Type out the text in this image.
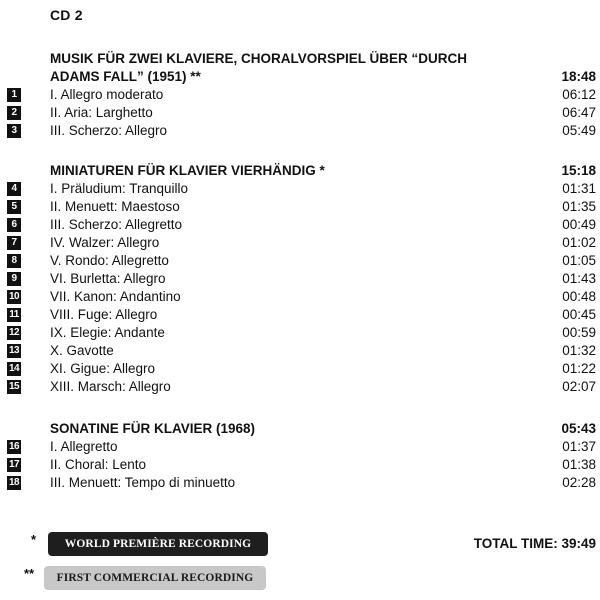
CD 2
MUSIK FÜR ZWEI KLAVIERE, CHORALVORSPIEL ÜBER “DURCH
ADAMS FALL” (1951) **	18:48
1	I. Allegro moderato	06:12
2	II. Aria: Larghetto	06:47
3	III. Scherzo: Allegro	05:49
MINIATUREN FÜR KLAVIER VIERHÄNDIG *	15:18
4	I. Präludium: Tranquillo	01:31
5	II. Menuett: Maestoso	01:35
6	III. Scherzo: Allegretto	00:49
7	IV. Walzer: Allegro	01:02
8	V. Rondo: Allegretto	01:05
9	VI. Burletta: Allegro	01:43
10 VII. Kanon: Andantino	00:48
11 VIII. Fuge: Allegro	00:45
12 IX. Elegie: Andante	00:59
13 X. Gavotte	01:32
14 XI. Gigue: Allegro	01:22
15 XIII. Marsch: Allegro	02:07
SONATINE FÜR KLAVIER (1968)	05:43
16 I. Allegretto	01:37
17 II. Choral: Lento	01:38
18 III. Menuett: Tempo di minuetto	02:28
*	WORLD PREMIÈRE RECORDING
**	FIRST COMMERCIAL RECORDING
TOTAL TIME: 39:49
